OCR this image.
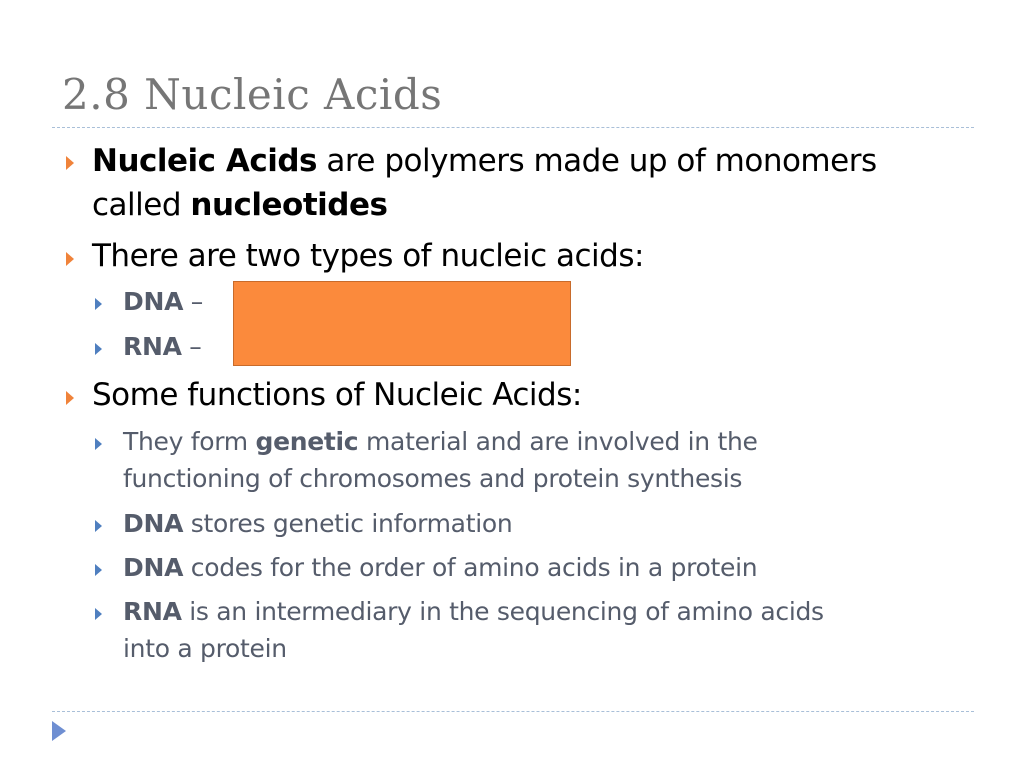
2.8 Nucleic Acids
Nucleic Acids are polymers made up of monomers
called nucleotides
There are two types of nucleic acids:
DNA –
RNA –
Some functions of Nucleic Acids:
They form genetic material and are involved in the
functioning of chromosomes and protein synthesis
DNA stores genetic information
DNA codes for the order of amino acids in a protein
RNA is an intermediary in the sequencing of amino acids
into a protein
